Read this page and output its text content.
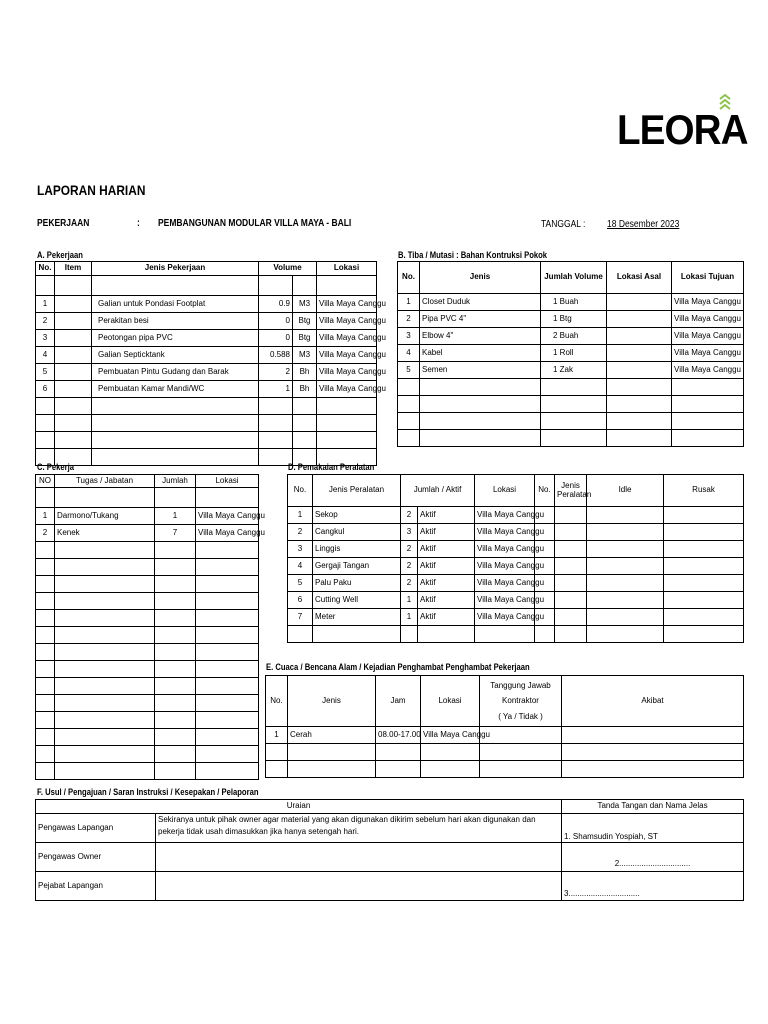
LEORA
LAPORAN HARIAN
PEKERJAAN	: PEMBANGUNAN MODULAR VILLA MAYA - BALI	TANGGAL : 18 Desember 2023
A. Pekerjaan
No.	Item	Jenis Pekerjaan	Volume		Lokasi

1		Galian untuk Pondasi Footplat	0.9	M3	Villa Maya Canggu
2		Perakitan besi	0	Btg	Villa Maya Canggu
3		Peotongan pipa PVC	0	Btg	Villa Maya Canggu
4		Galian Septicktank	0.588	M3	Villa Maya Canggu
5		Pembuatan Pintu Gudang dan Barak	2	Bh	Villa Maya Canggu
6		Pembuatan Kamar Mandi/WC	1	Bh	Villa Maya Canggu

B. Tiba / Mutasi : Bahan Kontruksi Pokok
No.	Jenis	Jumlah Volume	Lokasi Asal	Lokasi Tujuan
1	Closet Duduk	1 Buah		Villa Maya Canggu
2	Pipa PVC 4"	1 Btg		Villa Maya Canggu
3	Elbow 4"	2 Buah		Villa Maya Canggu
4	Kabel	1 Roll		Villa Maya Canggu
5	Semen	1 Zak		Villa Maya Canggu

C. Pekerja
NO	Tugas / Jabatan	Jumlah	Lokasi

1	Darmono/Tukang	1	Villa Maya Canggu
2	Kenek	7	Villa Maya Canggu

D. Pemakaian Peralatan
No.	Jenis Peralatan	Jumlah / Aktif		Lokasi	No.	Jenis Peralatan	Idle	Rusak
1	Sekop	2	Aktif	Villa Maya Canggu				
2	Cangkul	3	Aktif	Villa Maya Canggu				
3	Linggis	2	Aktif	Villa Maya Canggu				
4	Gergaji Tangan	2	Aktif	Villa Maya Canggu				
5	Palu Paku	2	Aktif	Villa Maya Canggu				
6	Cutting Well	1	Aktif	Villa Maya Canggu				
7	Meter	1	Aktif	Villa Maya Canggu				

E. Cuaca / Bencana Alam / Kejadian Penghambat Penghambat Pekerjaan
No.	Jenis	Jam	Lokasi	Tanggung Jawab
Kontraktor
( Ya / Tidak )	Akibat
1	Cerah	08.00-17.00	Villa Maya Canggu		

F. Usul / Pengajuan / Saran Instruksi / Kesepakan / Pelaporan
Uraian		Tanda Tangan dan Nama Jelas
Pengawas Lapangan	Sekiranya untuk pihak owner agar material yang akan digunakan dikirim sebelum hari akan digunakan dan pekerja tidak usah dimasukkan jika hanya setengah hari.	1. Shamsudin Yospiah, ST
Pengawas Owner		2................................
Pejabat Lapangan		3................................
